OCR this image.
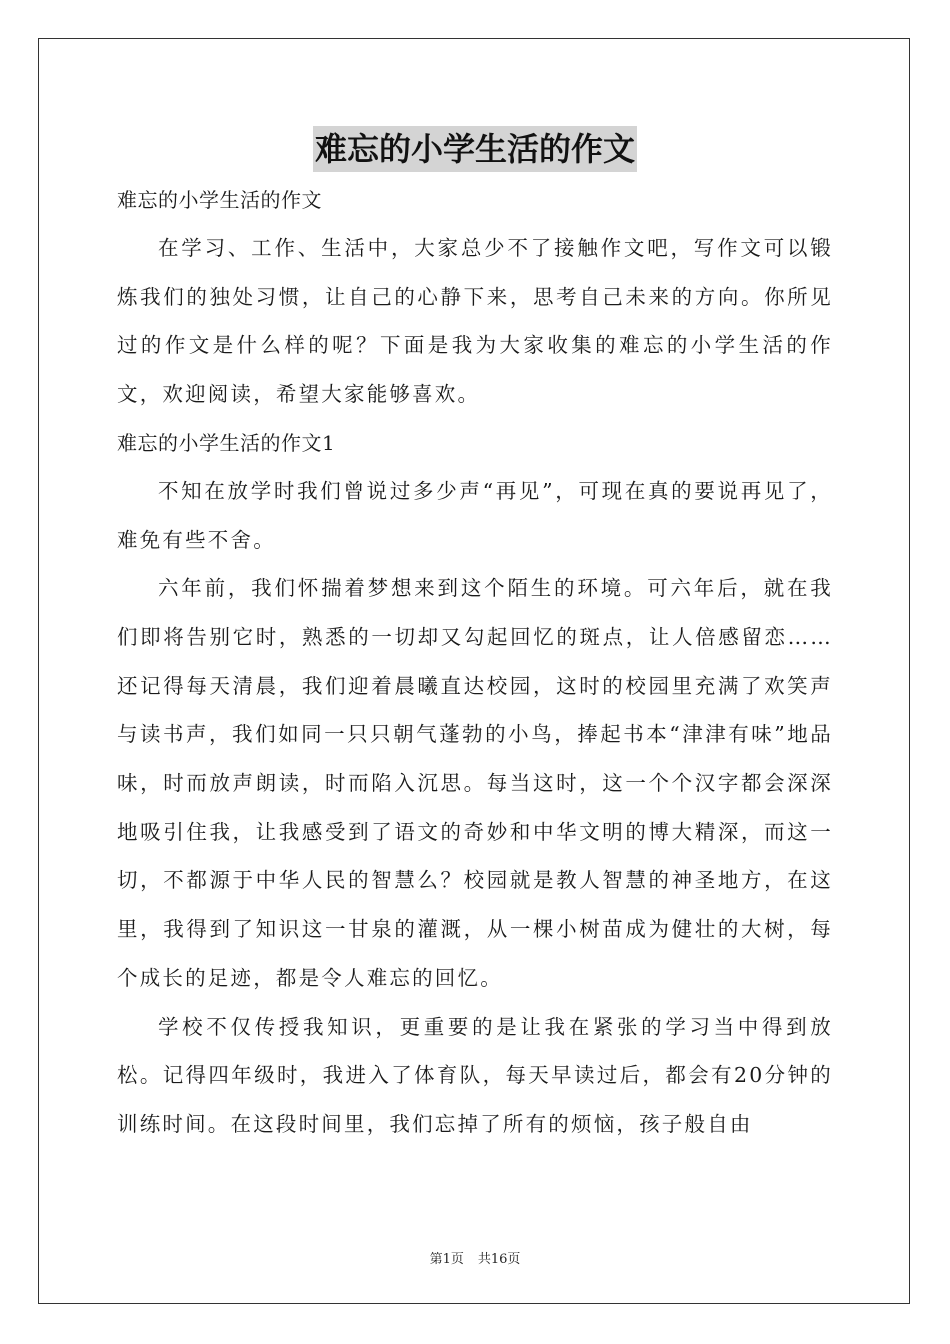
难忘的小学生活的作文

难忘的小学生活的作文

在学习、工作、生活中，大家总少不了接触作文吧，写作文可以锻炼我们的独处习惯，让自己的心静下来，思考自己未来的方向。你所见过的作文是什么样的呢？下面是我为大家收集的难忘的小学生活的作文，欢迎阅读，希望大家能够喜欢。

难忘的小学生活的作文1

不知在放学时我们曾说过多少声“再见”，可现在真的要说再见了，难免有些不舍。

六年前，我们怀揣着梦想来到这个陌生的环境。可六年后，就在我们即将告别它时，熟悉的一切却又勾起回忆的斑点，让人倍感留恋……还记得每天清晨，我们迎着晨曦直达校园，这时的校园里充满了欢笑声与读书声，我们如同一只只朝气蓬勃的小鸟，捧起书本“津津有味”地品味，时而放声朗读，时而陷入沉思。每当这时，这一个个汉字都会深深地吸引住我，让我感受到了语文的奇妙和中华文明的博大精深，而这一切，不都源于中华人民的智慧么？校园就是教人智慧的神圣地方，在这里，我得到了知识这一甘泉的灌溉，从一棵小树苗成为健壮的大树，每个成长的足迹，都是令人难忘的回忆。

学校不仅传授我知识，更重要的是让我在紧张的学习当中得到放松。记得四年级时，我进入了体育队，每天早读过后，都会有20分钟的训练时间。在这段时间里，我们忘掉了所有的烦恼，孩子般自由

第1页 共16页
